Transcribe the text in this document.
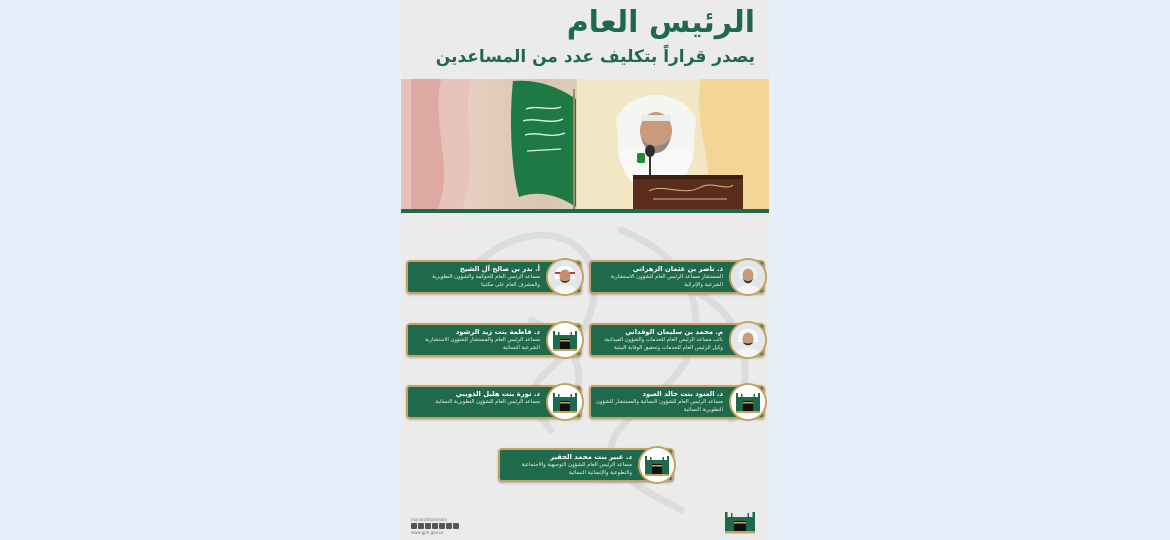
الرئيس العام
يصدر قراراً بتكليف عدد من المساعدين
د. ناصر بن عثمان الزهراني
المستشار مساعد الرئيس العام للشؤون الاستشارية الشرعية والإثرائية
أ. بدر بن صالح آل الشيخ
مساعد الرئيس العام للحوكمة والشؤون التطويرية والمشرف العام على مكتبنا
م. محمد بن سليمان الوقداني
نائب مساعد الرئيس العام للخدمات والشؤون الميدانية، وكيل الرئيس العام للخدمات وتحقيق الوقاية البيئية
د. فاطمة بنت زيد الرشود
مساعد الرئيس العام والمستشار للشؤون الاستشارية الشرعية النسائية
د. العنود بنت خالد العبود
مساعد الرئيس العام للشؤون النسائية والمستشار للشؤون التطويرية النسائية
د. نورة بنت هليل الذويبي
مساعد الرئيس العام للشؤون التطويرية النسائية
د. عبير بنت محمد الجفير
مساعد الرئيس العام للشؤون التوجيهية والاجتماعية والتطوعية والإنسانية النسائية
manaratharamain
www.gph.gov.sa
